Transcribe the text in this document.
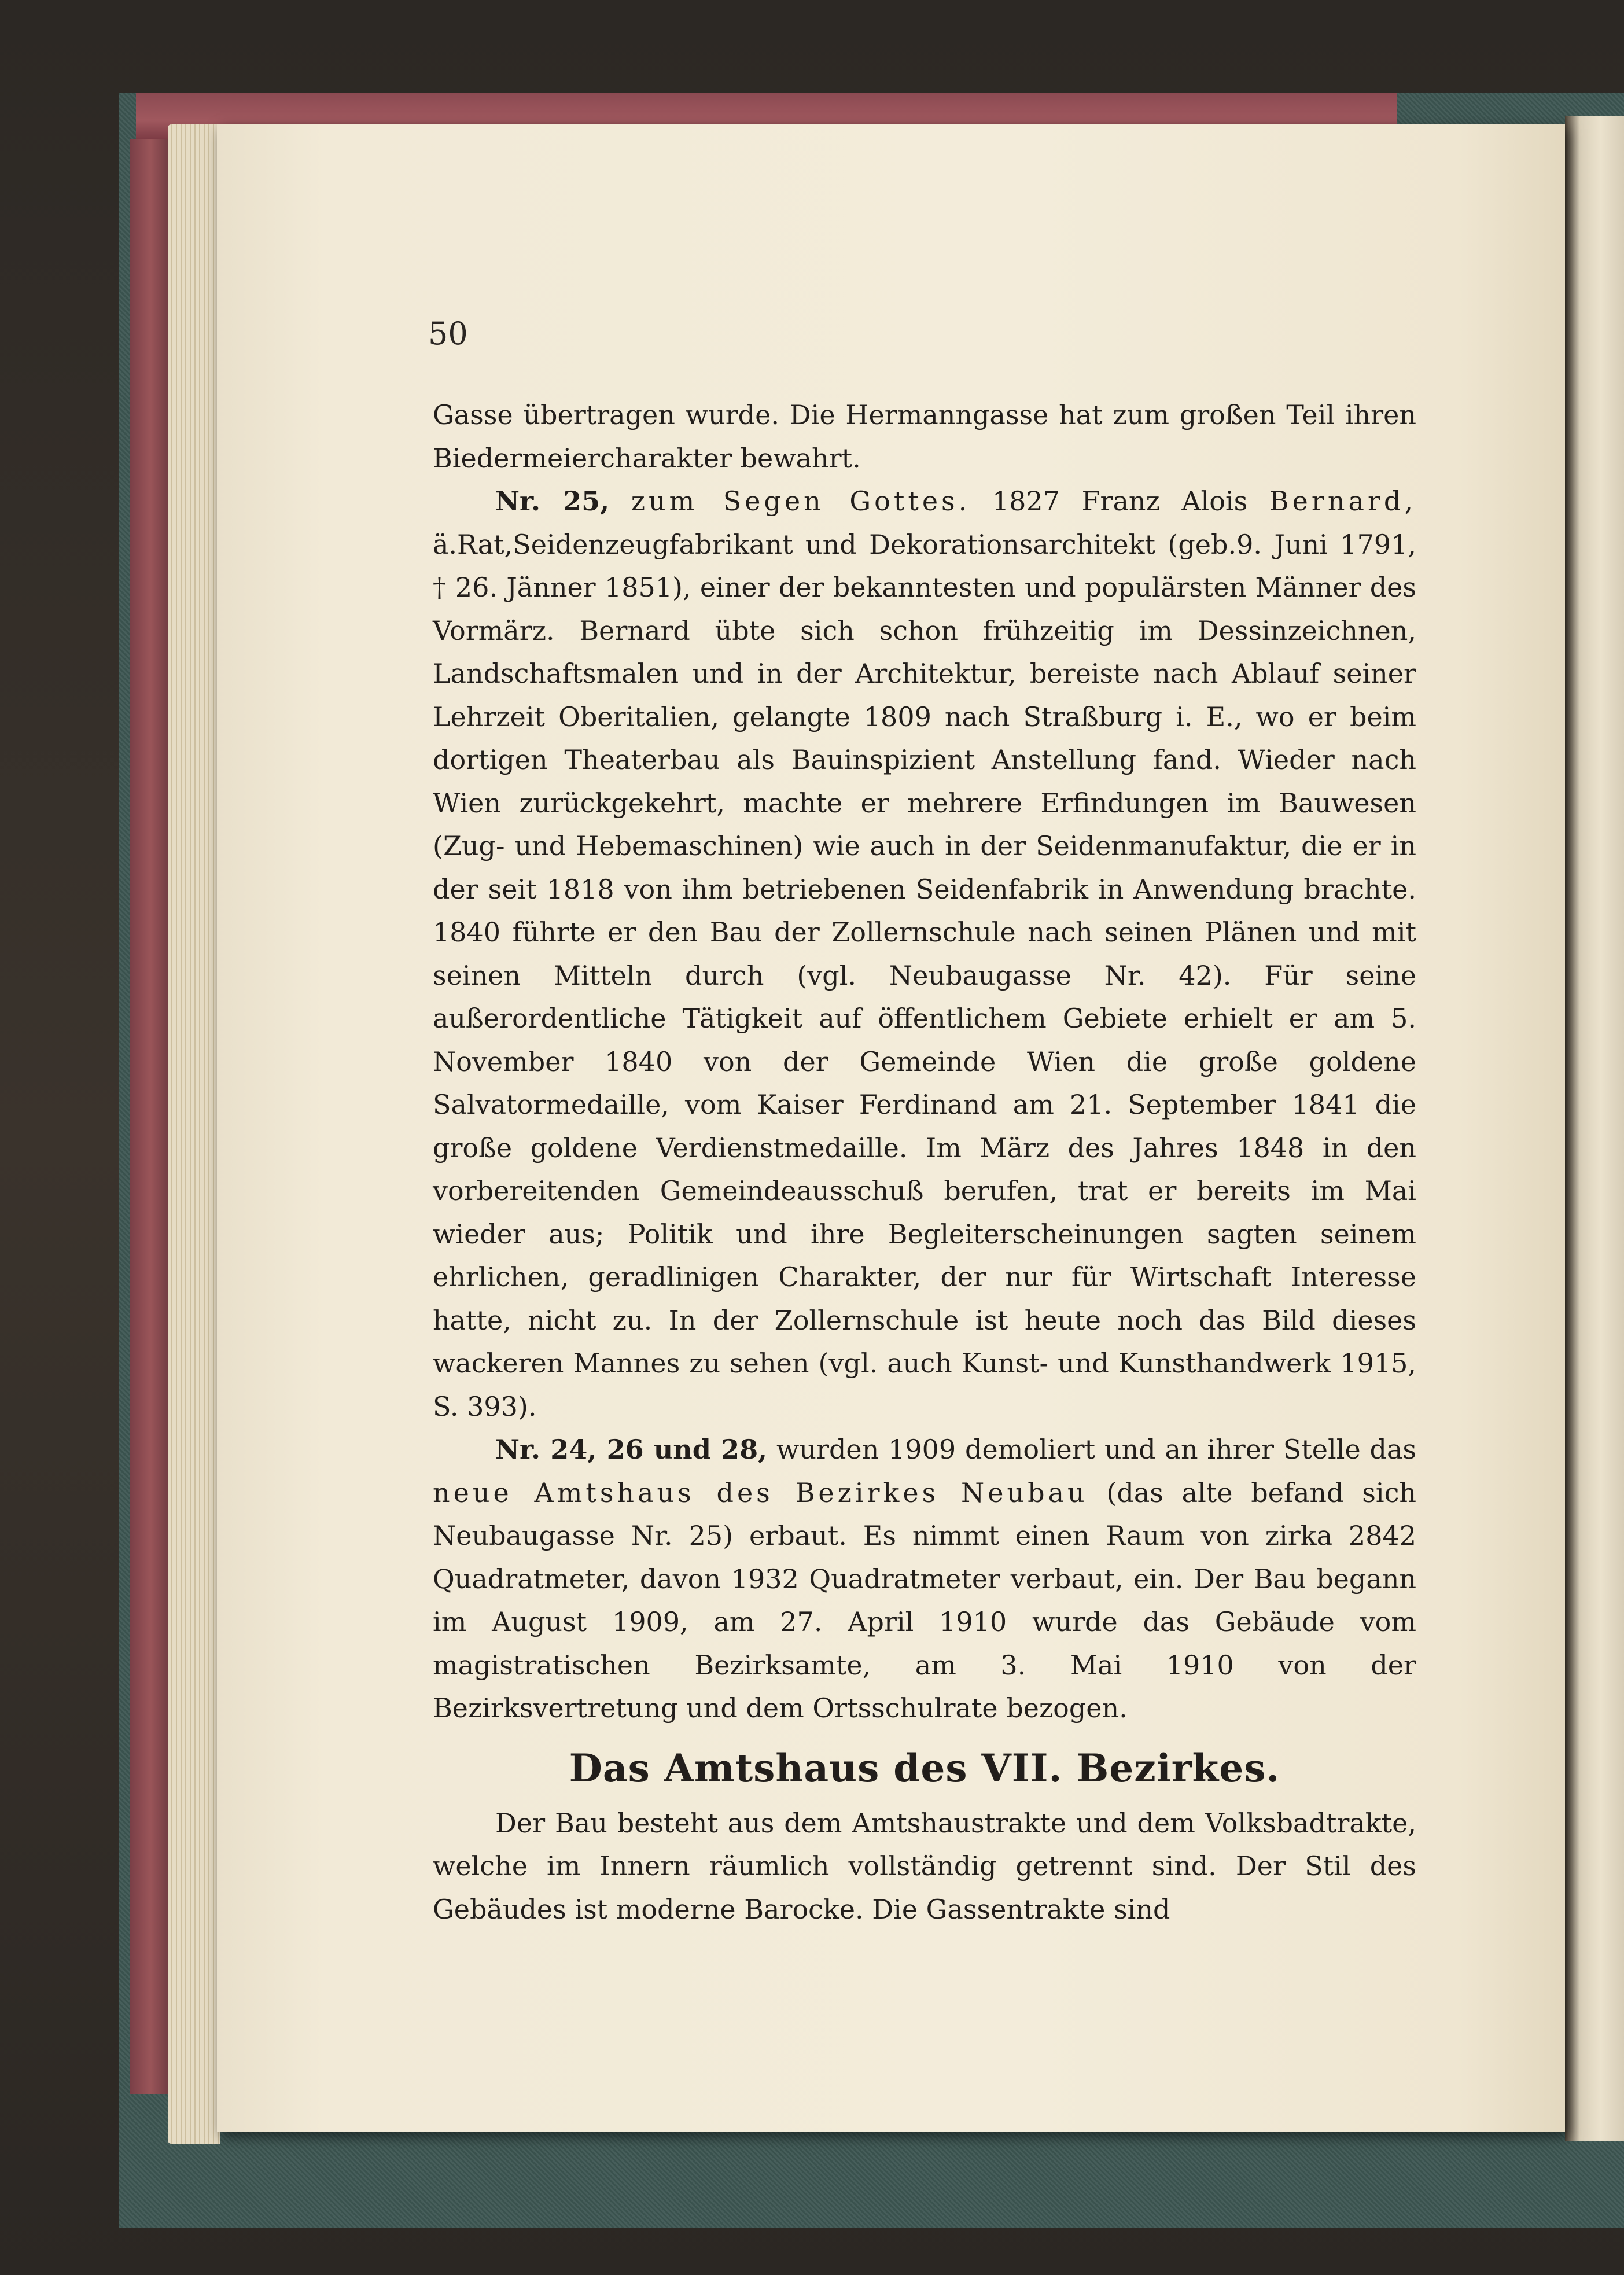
50

Gasse übertragen wurde. Die Hermanngasse hat zum großen Teil ihren Biedermeiercharakter bewahrt.

Nr. 25, zum Segen Gottes. 1827 Franz Alois Bernard, ä.Rat,Seidenzeugfabrikant und Dekorationsarchitekt (geb.9. Juni 1791, † 26. Jänner 1851), einer der bekanntesten und populärsten Männer des Vormärz. Bernard übte sich schon frühzeitig im Dessinzeichnen, Landschaftsmalen und in der Architektur, bereiste nach Ablauf seiner Lehrzeit Oberitalien, gelangte 1809 nach Straßburg i. E., wo er beim dortigen Theaterbau als Bauinspizient Anstellung fand. Wieder nach Wien zurückgekehrt, machte er mehrere Erfindungen im Bauwesen (Zug- und Hebemaschinen) wie auch in der Seidenmanufaktur, die er in der seit 1818 von ihm betriebenen Seidenfabrik in Anwendung brachte. 1840 führte er den Bau der Zollernschule nach seinen Plänen und mit seinen Mitteln durch (vgl. Neubaugasse Nr. 42). Für seine außerordentliche Tätigkeit auf öffentlichem Gebiete erhielt er am 5. November 1840 von der Gemeinde Wien die große goldene Salvatormedaille, vom Kaiser Ferdinand am 21. September 1841 die große goldene Verdienstmedaille. Im März des Jahres 1848 in den vorbereitenden Gemeindeausschuß berufen, trat er bereits im Mai wieder aus; Politik und ihre Begleiterscheinungen sagten seinem ehrlichen, geradlinigen Charakter, der nur für Wirtschaft Interesse hatte, nicht zu. In der Zollernschule ist heute noch das Bild dieses wackeren Mannes zu sehen (vgl. auch Kunst- und Kunsthandwerk 1915, S. 393).

Nr. 24, 26 und 28, wurden 1909 demoliert und an ihrer Stelle das neue Amtshaus des Bezirkes Neubau (das alte befand sich Neubaugasse Nr. 25) erbaut. Es nimmt einen Raum von zirka 2842 Quadratmeter, davon 1932 Quadratmeter verbaut, ein. Der Bau begann im August 1909, am 27. April 1910 wurde das Gebäude vom magistratischen Bezirksamte, am 3. Mai 1910 von der Bezirksvertretung und dem Ortsschulrate bezogen.

Das Amtshaus des VII. Bezirkes.

Der Bau besteht aus dem Amtshaustrakte und dem Volksbadtrakte, welche im Innern räumlich vollständig getrennt sind. Der Stil des Gebäudes ist moderne Barocke. Die Gassentrakte sind
